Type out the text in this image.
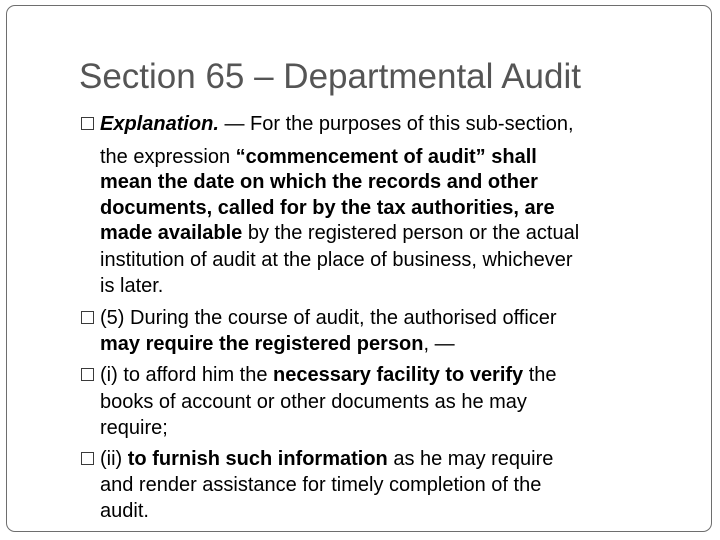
Section 65 – Departmental Audit
Explanation. — For the purposes of this sub-section,
the expression “commencement of audit” shall
mean the date on which the records and other
documents, called for by the tax authorities, are
made available by the registered person or the actual
institution of audit at the place of business, whichever
is later.
(5) During the course of audit, the authorised officer
may require the registered person, —
(i) to afford him the necessary facility to verify the
books of account or other documents as he may
require;
(ii) to furnish such information as he may require
and render assistance for timely completion of the
audit.
